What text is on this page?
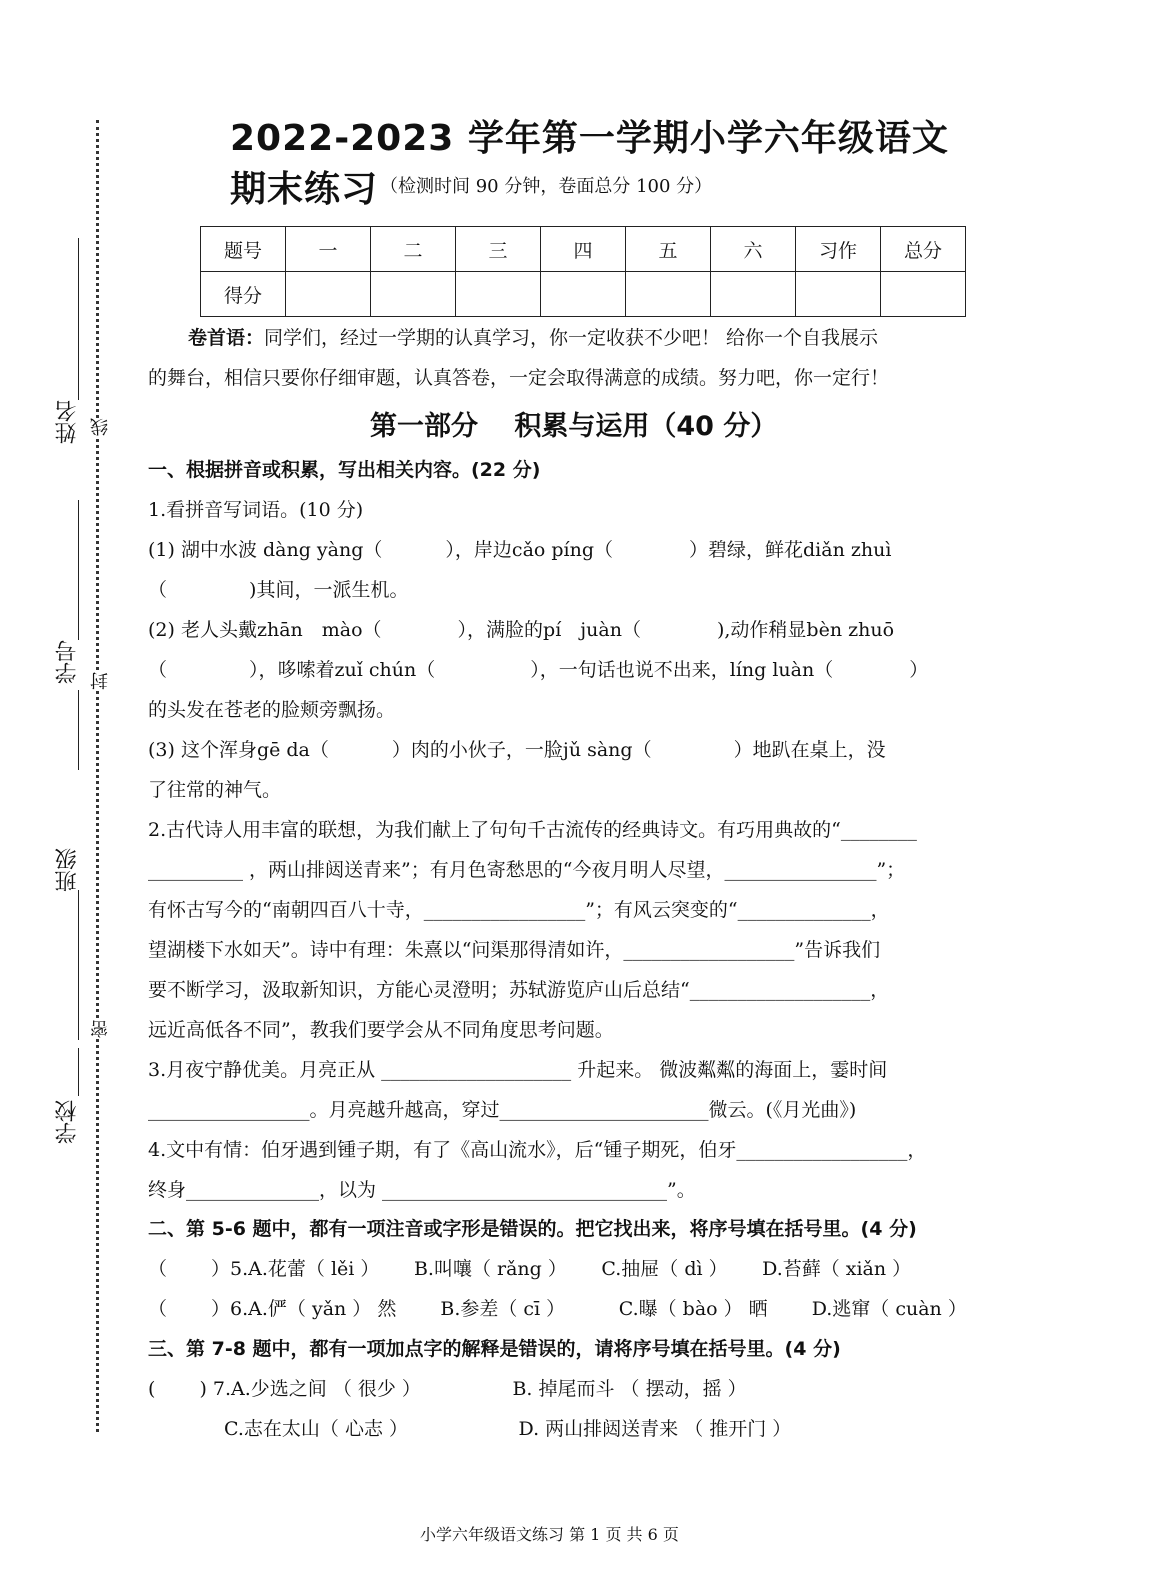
姓名
学号
班级
学校
线
封
密
2022-2023 学年第一学期小学六年级语文期末练习 （检测时间 90 分钟，卷面总分 100 分）
题号	一	二	三	四	五	六	习作	总分
得分								
卷首语：同学们，经过一学期的认真学习，你一定收获不少吧！ 给你一个自我展示
的舞台，相信只要你仔细审题，认真答卷，一定会取得满意的成绩。努力吧，你一定行！
第一部分　 积累与运用（40 分）
一、根据拼音或积累，写出相关内容。(22 分)
1.看拼音写词语。(10 分)
(1) 湖中水波 dàng yàng（　　　 ），岸边cǎo píng（　　　　）碧绿，鲜花diǎn zhuì
（　　　　 )其间，一派生机。
(2) 老人头戴zhān　mào（　　　　），满脸的pí　juàn（　　　　),动作稍显bèn zhuō
（　　　　 ），哆嗦着zuǐ chún（　　　　　），一句话也说不出来，líng luàn（　　　　）
的头发在苍老的脸颊旁飘扬。
(3) 这个浑身gē da（　　　 ）肉的小伙子，一脸jǔ sàng（　　　　 ）地趴在桌上，没
了往常的神气。
2.古代诗人用丰富的联想，为我们献上了句句千古流传的经典诗文。有巧用典故的“________
__________ ，两山排闼送青来”；有月色寄愁思的“今夜月明人尽望，________________”；
有怀古写今的“南朝四百八十寺，_________________”；有风云突变的“______________，
望湖楼下水如天”。诗中有理：朱熹以“问渠那得清如许，__________________”告诉我们
要不断学习，汲取新知识，方能心灵澄明；苏轼游览庐山后总结“___________________，
远近高低各不同”，教我们要学会从不同角度思考问题。
3.月夜宁静优美。月亮正从 ____________________ 升起来。 微波粼粼的海面上，霎时间
_________________。月亮越升越高，穿过______________________微云。(《月光曲》)
4.文中有情：伯牙遇到锺子期，有了《高山流水》，后“锺子期死，伯牙__________________，
终身______________，以为 ______________________________”。
二、第 5-6 题中，都有一项注音或字形是错误的。把它找出来，将序号填在括号里。(4 分)
（　　 ）5.A.花蕾（ lěi ）　　 B.叫嚷（ rǎng ）　　 C.抽屉（ dì ）　　 D.苔藓（ xiǎn ）
（　　 ）6.A.俨（ yǎn ） 然　　 B.参差（ cī ）　　　 C.曝（ bào ） 晒　　 D.逃窜（ cuàn ）
三、第 7-8 题中，都有一项加点字的解释是错误的，请将序号填在括号里。(4 分)
(　　 ) 7.A.少选之间 （ 很少 ）　　　　　 B. 掉尾而斗 （ 摆动，摇 ）
　　　　C.志在太山（ 心志 ）　　　　　　 D. 两山排闼送青来 （ 推开门 ）
小学六年级语文练习 第 1 页 共 6 页
